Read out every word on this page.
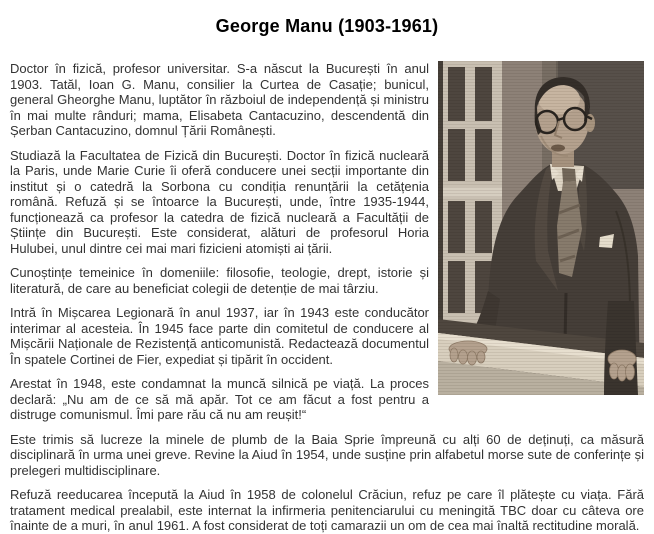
George Manu (1903-1961)

Doctor în fizică, profesor universitar. S-a născut la București în anul 1903. Tatăl, Ioan G. Manu, consilier la Curtea de Casație; bunicul, general Gheorghe Manu, luptător în războiul de independență și ministru în mai multe rânduri; mama, Elisabeta Cantacuzino, descendentă din Șerban Cantacuzino, domnul Țării Românești.

Studiază la Facultatea de Fizică din București. Doctor în fizică nucleară la Paris, unde Marie Curie îi oferă conducere unei secții importante din institut și o catedră la Sorbona cu condiția renunțării la cetățenia română. Refuză și se întoarce la București, unde, între 1935-1944, funcționează ca profesor la catedra de fizică nucleară a Facultății de Științe din București. Este considerat, alături de profesorul Horia Hulubei, unul dintre cei mai mari fizicieni atomiști ai țării.

Cunoștințe temeinice în domeniile: filosofie, teologie, drept, istorie și literatură, de care au beneficiat colegii de detenție de mai târziu.

Intră în Mișcarea Legionară în anul 1937, iar în 1943 este conducător interimar al acesteia. În 1945 face parte din comitetul de conducere al Mișcării Naționale de Rezistență anticomunistă. Redactează documentul În spatele Cortinei de Fier, expediat și tipărit în occident.

Arestat în 1948, este condamnat la muncă silnică pe viață. La proces declară: „Nu am de ce să mă apăr. Tot ce am făcut a fost pentru a distruge comunismul. Îmi pare rău că nu am reușit!“

Este trimis să lucreze la minele de plumb de la Baia Sprie împreună cu alți 60 de deținuți, ca măsură disciplinară în urma unei greve. Revine la Aiud în 1954, unde susține prin alfabetul morse sute de conferințe și prelegeri multidisciplinare.

Refuză reeducarea începută la Aiud în 1958 de colonelul Crăciun, refuz pe care îl plătește cu viața. Fără tratament medical prealabil, este internat la infirmeria penitenciarului cu meningită TBC doar cu câteva ore înainte de a muri, în anul 1961. A fost considerat de toți camarazii un om de cea mai înaltă rectitudine morală.
